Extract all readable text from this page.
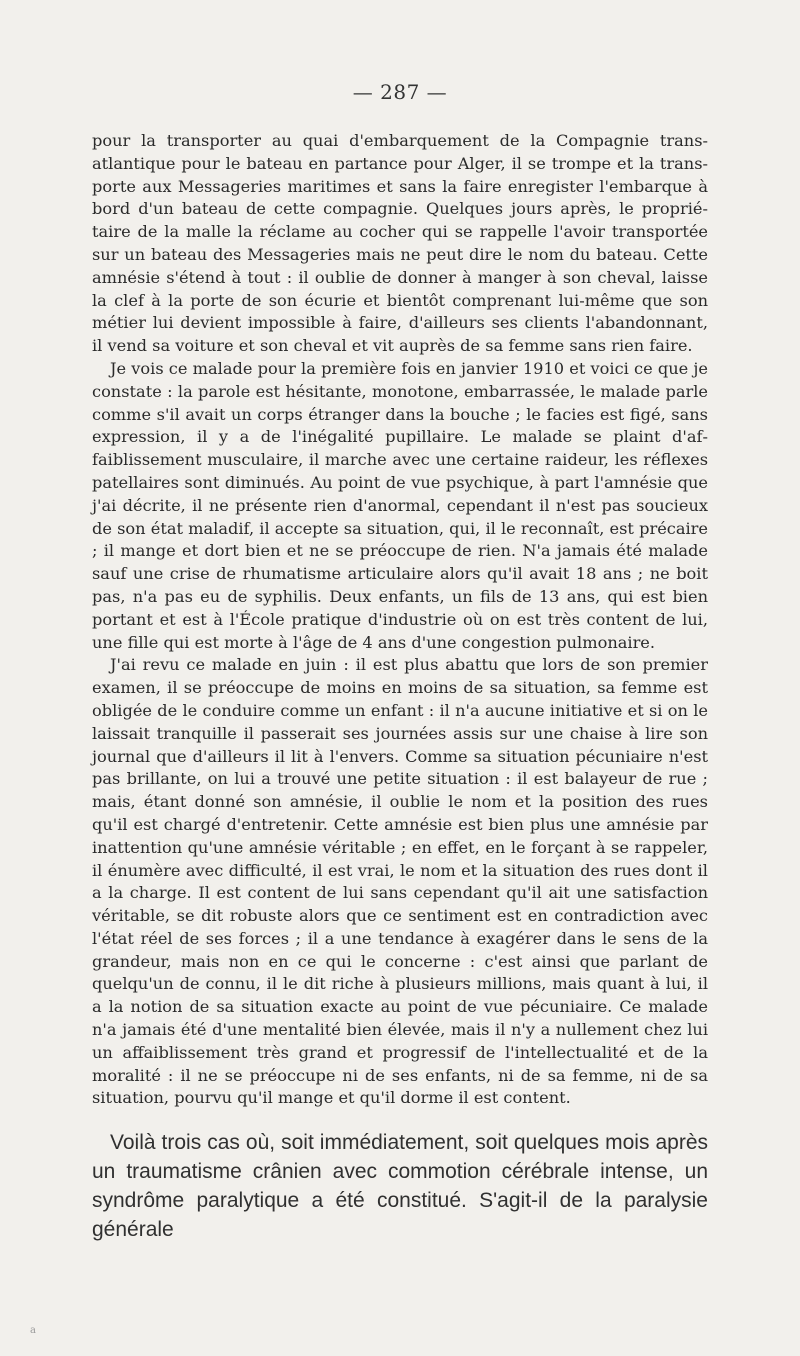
— 287 —

pour la transporter au quai d'embarquement de la Compagnie transatlantique pour le bateau en partance pour Alger, il se trompe et la transporte aux Messageries maritimes et sans la faire enregister l'embarque à bord d'un bateau de cette compagnie. Quelques jours après, le propriétaire de la malle la réclame au cocher qui se rappelle l'avoir transportée sur un bateau des Messageries mais ne peut dire le nom du bateau. Cette amnésie s'étend à tout : il oublie de donner à manger à son cheval, laisse la clef à la porte de son écurie et bientôt comprenant lui-même que son métier lui devient impossible à faire, d'ailleurs ses clients l'abandonnant, il vend sa voiture et son cheval et vit auprès de sa femme sans rien faire.

Je vois ce malade pour la première fois en janvier 1910 et voici ce que je constate : la parole est hésitante, monotone, embarrassée, le malade parle comme s'il avait un corps étranger dans la bouche ; le facies est figé, sans expression, il y a de l'inégalité pupillaire. Le malade se plaint d'affaiblissement musculaire, il marche avec une certaine raideur, les réflexes patellaires sont diminués. Au point de vue psychique, à part l'amnésie que j'ai décrite, il ne présente rien d'anormal, cependant il n'est pas soucieux de son état maladif, il accepte sa situation, qui, il le reconnaît, est précaire ; il mange et dort bien et ne se préoccupe de rien. N'a jamais été malade sauf une crise de rhumatisme articulaire alors qu'il avait 18 ans ; ne boit pas, n'a pas eu de syphilis. Deux enfants, un fils de 13 ans, qui est bien portant et est à l'École pratique d'industrie où on est très content de lui, une fille qui est morte à l'âge de 4 ans d'une congestion pulmonaire.

J'ai revu ce malade en juin : il est plus abattu que lors de son premier examen, il se préoccupe de moins en moins de sa situation, sa femme est obligée de le conduire comme un enfant : il n'a aucune initiative et si on le laissait tranquille il passerait ses journées assis sur une chaise à lire son journal que d'ailleurs il lit à l'envers. Comme sa situation pécuniaire n'est pas brillante, on lui a trouvé une petite situation : il est balayeur de rue ; mais, étant donné son amnésie, il oublie le nom et la position des rues qu'il est chargé d'entretenir. Cette amnésie est bien plus une amnésie par inattention qu'une amnésie véritable ; en effet, en le forçant à se rappeler, il énumère avec difficulté, il est vrai, le nom et la situation des rues dont il a la charge. Il est content de lui sans cependant qu'il ait une satisfaction véritable, se dit robuste alors que ce sentiment est en contradiction avec l'état réel de ses forces ; il a une tendance à exagérer dans le sens de la grandeur, mais non en ce qui le concerne : c'est ainsi que parlant de quelqu'un de connu, il le dit riche à plusieurs millions, mais quant à lui, il a la notion de sa situation exacte au point de vue pécuniaire. Ce malade n'a jamais été d'une mentalité bien élevée, mais il n'y a nullement chez lui un affaiblissement très grand et progressif de l'intellectualité et de la moralité : il ne se préoccupe ni de ses enfants, ni de sa femme, ni de sa situation, pourvu qu'il mange et qu'il dorme il est content.

Voilà trois cas où, soit immédiatement, soit quelques mois après un traumatisme crânien avec commotion cérébrale intense, un syndrôme paralytique a été constitué. S'agit-il de la paralysie générale

a
